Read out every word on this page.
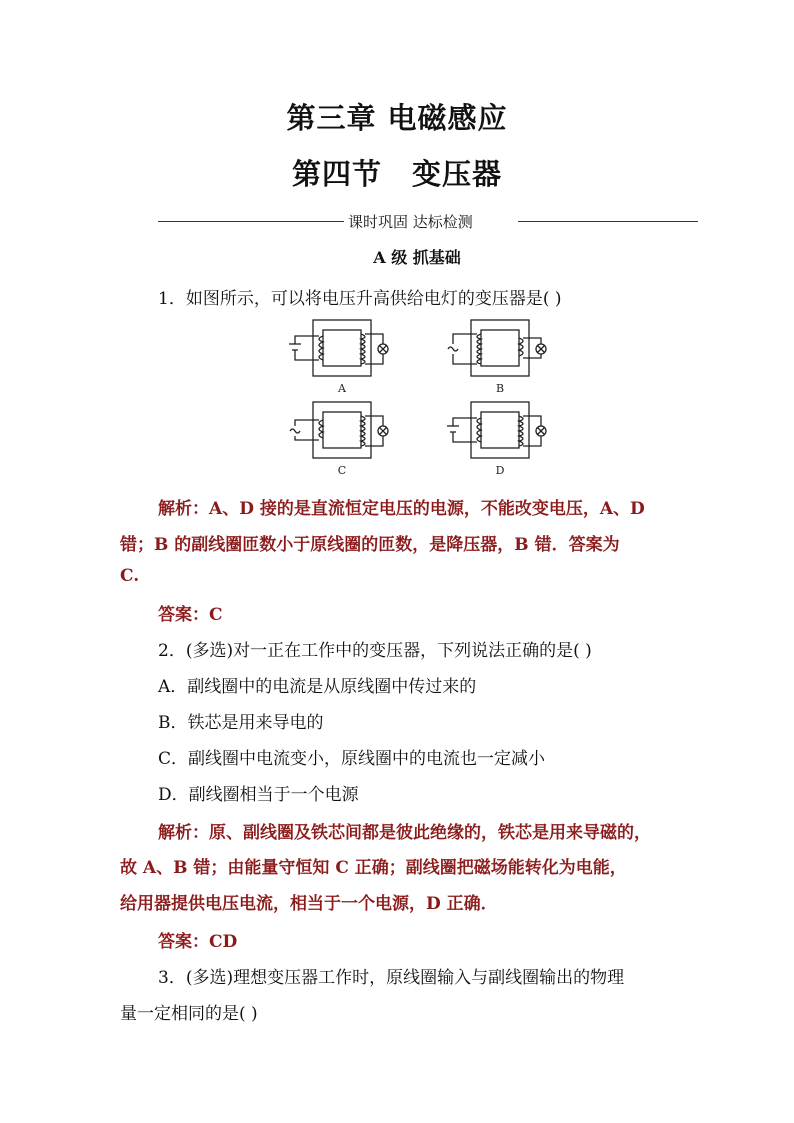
第三章 电磁感应
第四节 变压器
课时巩固 达标检测
A 级 抓基础
1．如图所示，可以将电压升高供给电灯的变压器是( )
A	B
C	D
解析：A、D 接的是直流恒定电压的电源，不能改变电压，A、D
错；B 的副线圈匝数小于原线圈的匝数，是降压器，B 错．答案为
C.
答案：C
2．(多选)对一正在工作中的变压器，下列说法正确的是( )
A．副线圈中的电流是从原线圈中传过来的
B．铁芯是用来导电的
C．副线圈中电流变小，原线圈中的电流也一定减小
D．副线圈相当于一个电源
解析：原、副线圈及铁芯间都是彼此绝缘的，铁芯是用来导磁的，
故 A、B 错；由能量守恒知 C 正确；副线圈把磁场能转化为电能，
给用器提供电压电流，相当于一个电源，D 正确．
答案：CD
3．(多选)理想变压器工作时，原线圈输入与副线圈输出的物理
量一定相同的是( )
